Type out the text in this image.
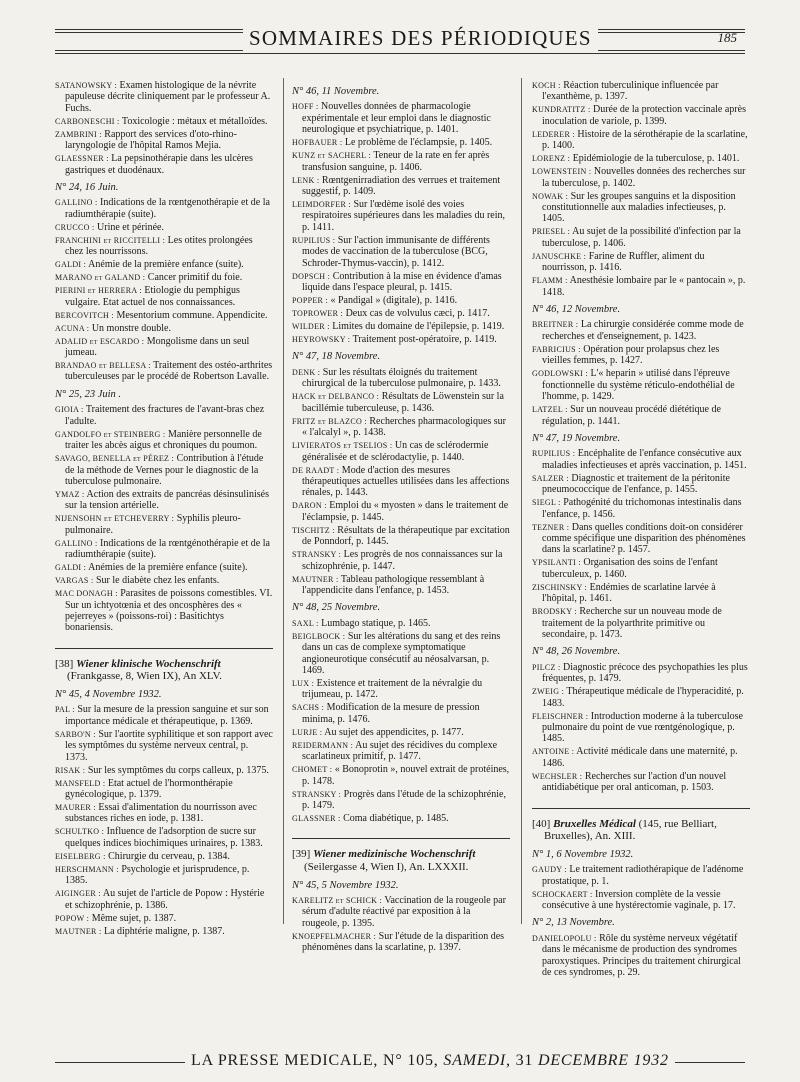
SOMMAIRES DES PÉRIODIQUES	185
SATANOWSKY : Examen histologique de la névrite papuleuse décrite cliniquement par le professeur A. Fuchs.
CARBONESCHI : Toxicologie : métaux et métalloïdes.
ZAMBRINI : Rapport des services d'oto-rhino-laryngologie de l'hôpital Ramos Mejia.
GLAESSNER : La pepsinothérapie dans les ulcères gastriques et duodénaux.
N° 24, 16 Juin.
GALLINO : Indications de la rœntgenothérapie et de la radiumthérapie (suite).
CRUCCO : Urine et périnée.
FRANCHINI et RICCITELLI : Les otites prolongées chez les nourrissons.
GALDI : Anémie de la première enfance (suite).
MARANO et GALAND : Cancer primitif du foie.
PIERINI et HERRERA : Etiologie du pemphigus vulgaire. Etat actuel de nos connaissances.
BERCOVITCH : Mesentorium commune. Appendicite.
ACUNA : Un monstre double.
ADALID et ESCARDO : Mongolisme dans un seul jumeau.
BRANDAO et BELLESA : Traitement des ostéo-arthrites tuberculeuses par le procédé de Robertson Lavalle.
N° 25, 23 Juin .
GIOIA : Traitement des fractures de l'avant-bras chez l'adulte.
GANDOLFO et STEINBERG : Manière personnelle de traiter les abcès aigus et chroniques du poumon.
SAVAGO, BENELLA et PÉREZ : Contribution à l'étude de la méthode de Vernes pour le diagnostic de la tuberculose pulmonaire.
YMAZ : Action des extraits de pancréas désinsulinisés sur la tension artérielle.
NIJENSOHN et ETCHEVERRY : Syphilis pleuro-pulmonaire.
GALLINO : Indications de la rœntgénothérapie et de la radiumthérapie (suite).
GALDI : Anémies de la première enfance (suite).
VARGAS : Sur le diabète chez les enfants.
MAC DONAGH : Parasites de poissons comestibles. VI. Sur un ichtyotœnia et des oncosphères des « pejerreyes » (poissons-roi) : Basitichtys bonariensis.
[38] Wiener klinische Wochenschrift (Frankgasse, 8, Wien IX), An XLV.
N° 45, 4 Novembre 1932.
PAL : Sur la mesure de la pression sanguine et sur son importance médicale et thérapeutique, p. 1369.
SARBO'N : Sur l'aortite syphilitique et son rapport avec les symptômes du système nerveux central, p. 1373.
RISAK : Sur les symptômes du corps calleux, p. 1375.
MANSFELD : Etat actuel de l'hormonthérapie gynécologique, p. 1379.
MAURER : Essai d'alimentation du nourrisson avec substances riches en iode, p. 1381.
SCHULTKO : Influence de l'adsorption de sucre sur quelques indices biochimiques urinaires, p. 1383.
EISELBERG : Chirurgie du cerveau, p. 1384.
HERSCHMANN : Psychologie et jurisprudence, p. 1385.
AIGINGER : Au sujet de l'article de Popow : Hystérie et schizophrénie, p. 1386.
POPOW : Même sujet, p. 1387.
MAUTNER : La diphtérie maligne, p. 1387.
N° 46, 11 Novembre.
HOFF : Nouvelles données de pharmacologie expérimentale et leur emploi dans le diagnostic neurologique et psychiatrique, p. 1401.
HOFBAUER : Le problème de l'éclampsie, p. 1405.
KUNZ et SACHERL : Teneur de la rate en fer après transfusion sanguine, p. 1406.
LENK : Rœntgenirradiation des verrues et traitement suggestif, p. 1409.
LEIMDORFER : Sur l'œdème isolé des voies respiratoires supérieures dans les maladies du rein, p. 1411.
RUPILIUS : Sur l'action immunisante de différents modes de vaccination de la tuberculose (BCG, Schroder-Thymus-vaccin), p. 1412.
DOPSCH : Contribution à la mise en évidence d'amas liquide dans l'espace pleural, p. 1415.
POPPER : « Pandigal » (digitale), p. 1416.
TOPROWER : Deux cas de volvulus cæci, p. 1417.
WILDER : Limites du domaine de l'épilepsie, p. 1419.
HEYROWSKY : Traitement post-opératoire, p. 1419.
N° 47, 18 Novembre.
DENK : Sur les résultats éloignés du traitement chirurgical de la tuberculose pulmonaire, p. 1433.
HACK et DELBANCO : Résultats de Löwenstein sur la bacillémie tuberculeuse, p. 1436.
FRITZ et BLAZCO : Recherches pharmacologiques sur « l'alcalyl », p. 1438.
LIVIERATOS et TSELIOS : Un cas de sclérodermie généralisée et de sclérodactylie, p. 1440.
DE RAADT : Mode d'action des mesures thérapeutiques actuelles utilisées dans les affections rénales, p. 1443.
DARON : Emploi du « myosten » dans le traitement de l'éclampsie, p. 1445.
TISCHITZ : Résultats de la thérapeutique par excitation de Ponndorf, p. 1445.
STRANSKY : Les progrès de nos connaissances sur la schizophrénie, p. 1447.
MAUTNER : Tableau pathologique ressemblant à l'appendicite dans l'enfance, p. 1453.
N° 48, 25 Novembre.
SAXL : Lumbago statique, p. 1465.
BEIGLBOCK : Sur les altérations du sang et des reins dans un cas de complexe symptomatique angioneurotique consécutif au néosalvarsan, p. 1469.
LUX : Existence et traitement de la névralgie du trijumeau, p. 1472.
SACHS : Modification de la mesure de pression minima, p. 1476.
LURJE : Au sujet des appendicites, p. 1477.
REIDERMANN : Au sujet des récidives du complexe scarlatineux primitif, p. 1477.
CHOMET : « Bonoprotin », nouvel extrait de protéines, p. 1478.
STRANSKY : Progrès dans l'étude de la schizophrénie, p. 1479.
GLASSNER : Coma diabétique, p. 1485.
[39] Wiener medizinische Wochenschrift (Seilergasse 4, Wien I), An. LXXXII.
N° 45, 5 Novembre 1932.
KARELITZ et SCHICK : Vaccination de la rougeole par sérum d'adulte réactivé par exposition à la rougeole, p. 1395.
KNOEPFELMACHER : Sur l'étude de la disparition des phénomènes dans la scarlatine, p. 1397.
KOCH : Réaction tuberculinique influencée par l'exanthème, p. 1397.
KUNDRATITZ : Durée de la protection vaccinale après inoculation de variole, p. 1399.
LEDERER : Histoire de la sérothérapie de la scarlatine, p. 1400.
LORENZ : Epidémiologie de la tuberculose, p. 1401.
LOWENSTEIN : Nouvelles données des recherches sur la tuberculose, p. 1402.
NOWAK : Sur les groupes sanguins et la disposition constitutionnelle aux maladies infectieuses, p. 1405.
PRIESEL : Au sujet de la possibilité d'infection par la tuberculose, p. 1406.
JANUSCHKE : Farine de Ruffler, aliment du nourrisson, p. 1416.
FLAMM : Anesthésie lombaire par le « pantocain », p. 1418.
N° 46, 12 Novembre.
BREITNER : La chirurgie considérée comme mode de recherches et d'enseignement, p. 1423.
FABRICIUS : Opération pour prolapsus chez les vieilles femmes, p. 1427.
GODLOWSKI : L'« heparin » utilisé dans l'épreuve fonctionnelle du système réticulo-endothélial de l'homme, p. 1429.
LATZEL : Sur un nouveau procédé diététique de régulation, p. 1441.
N° 47, 19 Novembre.
RUPILIUS : Encéphalite de l'enfance consécutive aux maladies infectieuses et après vaccination, p. 1451.
SALZER : Diagnostic et traitement de la péritonite pneumococcique de l'enfance, p. 1455.
SIEGL : Pathogénité du trichomonas intestinalis dans l'enfance, p. 1456.
TEZNER : Dans quelles conditions doit-on considérer comme spécifique une disparition des phénomènes dans la scarlatine? p. 1457.
YPSILANTI : Organisation des soins de l'enfant tuberculeux, p. 1460.
ZISCHINSKY : Endémies de scarlatine larvée à l'hôpital, p. 1461.
BRODSKY : Recherche sur un nouveau mode de traitement de la polyarthrite primitive ou secondaire, p. 1473.
N° 48, 26 Novembre.
PILCZ : Diagnostic précoce des psychopathies les plus fréquentes, p. 1479.
ZWEIG : Thérapeutique médicale de l'hyperacidité, p. 1483.
FLEISCHNER : Introduction moderne à la tuberculose pulmonaire du point de vue rœntgénologique, p. 1485.
ANTOINE : Activité médicale dans une maternité, p. 1486.
WECHSLER : Recherches sur l'action d'un nouvel antidiabétique per oral anticoman, p. 1503.
[40] Bruxelles Médical (145, rue Belliart, Bruxelles), An. XIII.
N° 1, 6 Novembre 1932.
GAUDY : Le traitement radiothérapique de l'adénome prostatique, p. 1.
SCHOCKAERT : Inversion complète de la vessie consécutive à une hystérectomie vaginale, p. 17.
N° 2, 13 Novembre.
DANIELOPOLU : Rôle du système nerveux végétatif dans le mécanisme de production des syndromes paroxystiques. Principes du traitement chirurgical de ces syndromes, p. 29.
LA PRESSE MEDICALE, N° 105, SAMEDI, 31 DECEMBRE 1932
